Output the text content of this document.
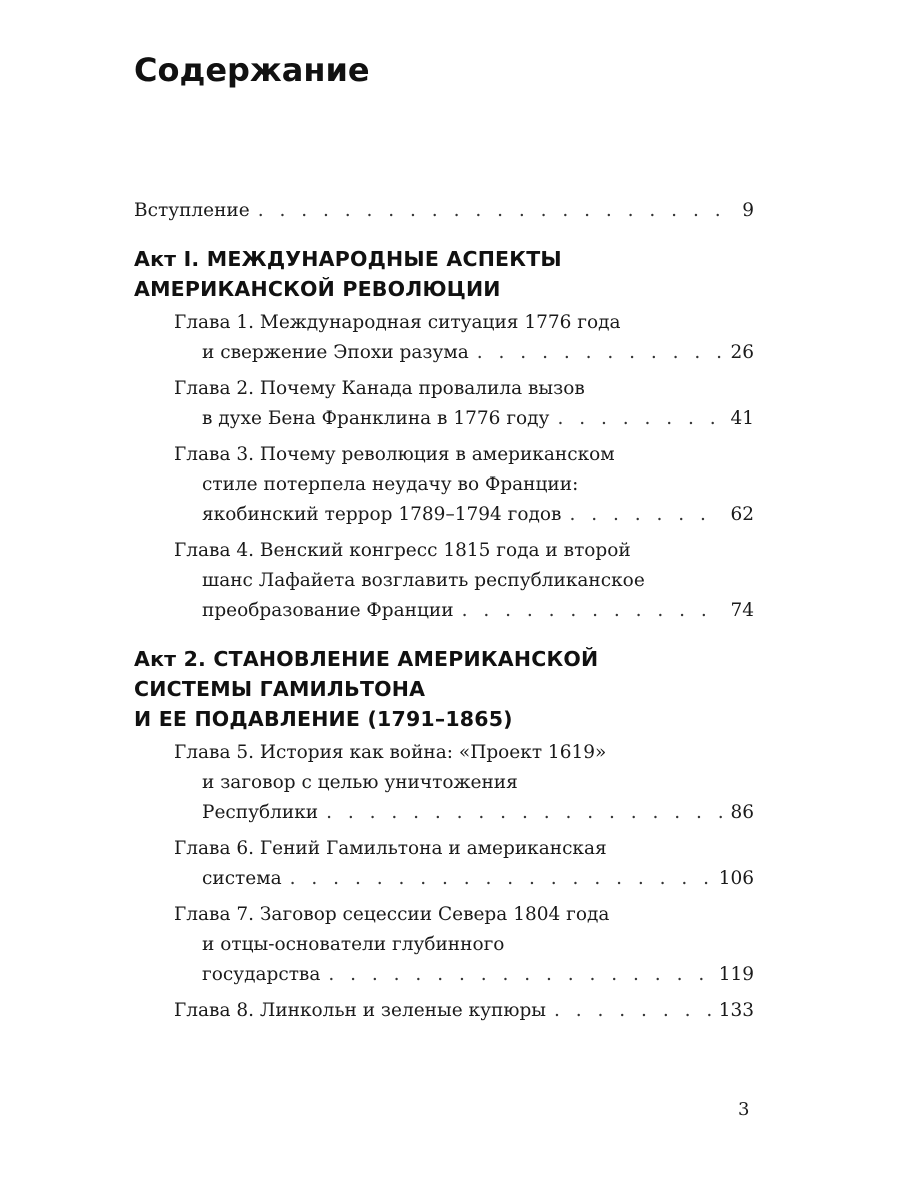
Содержание
Вступление . . .	9
Акт I. МЕЖДУНАРОДНЫЕ АСПЕКТЫ
АМЕРИКАНСКОЙ РЕВОЛЮЦИИ
Глава 1. Международная ситуация 1776 года
и свержение Эпохи разума . . .	26
Глава 2. Почему Канада провалила вызов
в духе Бена Франклина в 1776 году . . .	41
Глава 3. Почему революция в американском
стиле потерпела неудачу во Франции:
якобинский террор 1789–1794 годов . . .	62
Глава 4. Венский конгресс 1815 года и второй
шанс Лафайета возглавить республиканское
преобразование Франции . . .	74
Акт 2. СТАНОВЛЕНИЕ АМЕРИКАНСКОЙ
СИСТЕМЫ ГАМИЛЬТОНА
И ЕЕ ПОДАВЛЕНИЕ (1791–1865)
Глава 5. История как война: «Проект 1619»
и заговор с целью уничтожения
Республики . . .	86
Глава 6. Гений Гамильтона и американская
система . . .	106
Глава 7. Заговор сецессии Севера 1804 года
и отцы-основатели глубинного
государства . . .	119
Глава 8. Линкольн и зеленые купюры . . .	133
3
